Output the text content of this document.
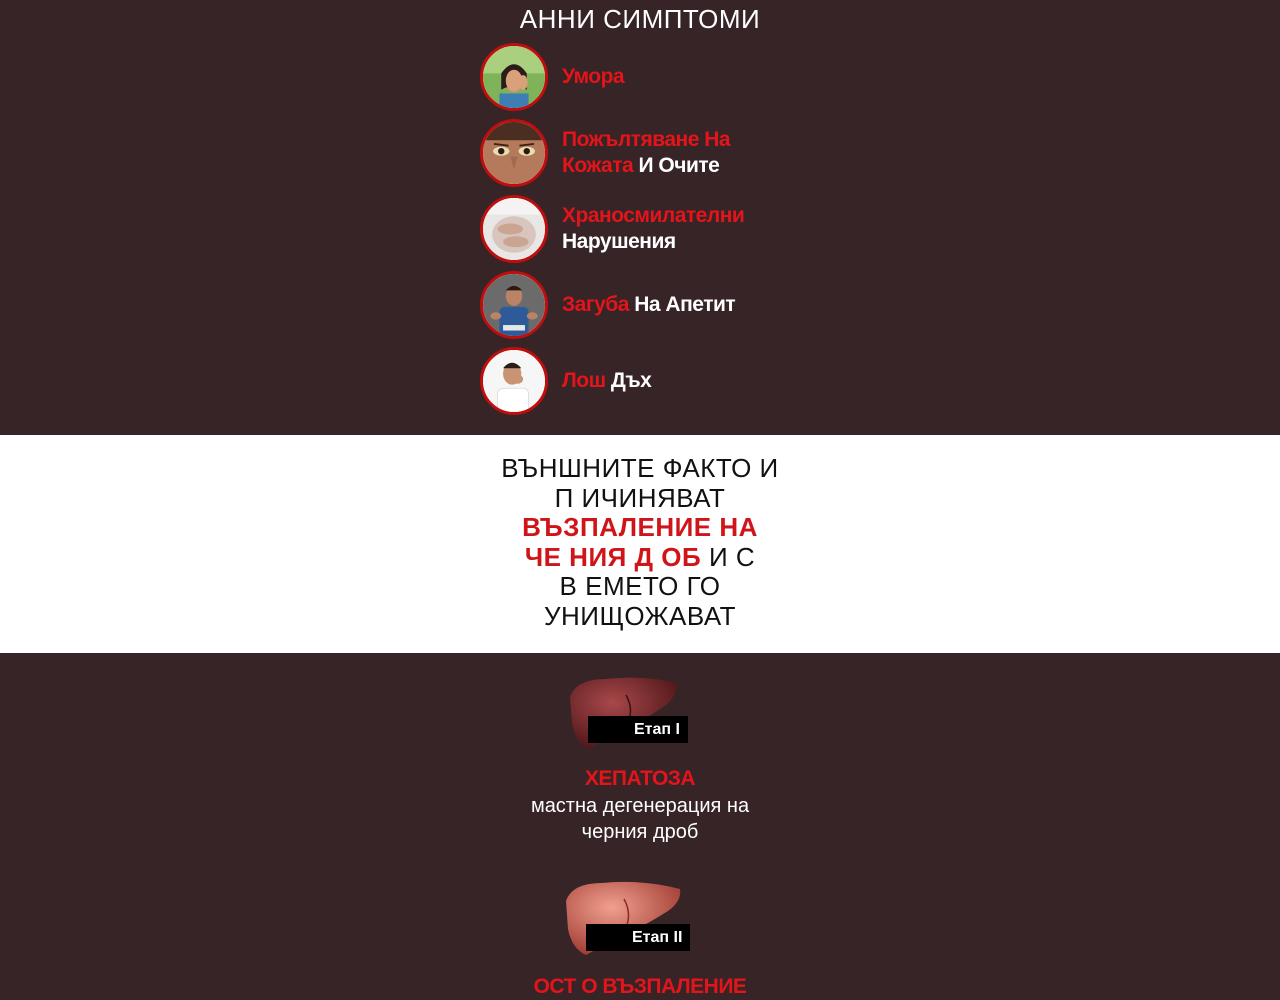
АННИ СИМПТОМИ
Умора
Пожълтяване На Кожата И Очите
Храносмилателни
Нарушения
Загуба На Апетит
Лош Дъх
ВЪНШНИТЕ ФАКТО И
П ИЧИНЯВАТ
ВЪЗПАЛЕНИЕ НА
ЧЕ НИЯ Д ОБ И С
В ЕМЕТО ГО
УНИЩОЖАВАТ
Етап I
ХЕПАТОЗА
мастна дегенерация на
черния дроб
Етап II
ОСТ О ВЪЗПАЛЕНИЕ
